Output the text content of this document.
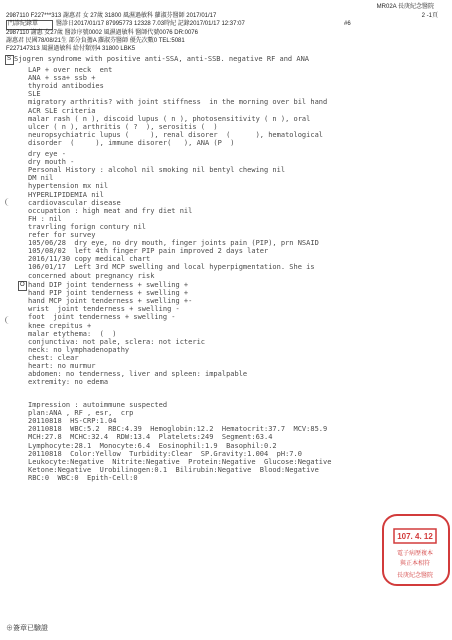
MR02A 長庚紀念醫院
2 -1頁
2987110 F227***313 謝惠君 女 27歲 31800 風濕過敏科 蘿淑芬醫師 2017/01/17
門診紀錄單	醫診日2017/01/17 87995773 12328 7.03時紀 記錄2017/01/17 12:37:07	#6
2987110 謝惠 女27歲 醫診序號0002 風濕過敏科 醫師代號0076 DR:0076
謝惠君 民國78/08/21生 部分負擔A 蘿淑芬醫師 優先次數0 TEL:5081
F227147313 風濕過敏科 給付類別4 31800 LBK5
S Sjogren syndrome with positive anti-SSA, anti-SSB. negative RF and ANA
LAP + over neck  ent
ANA + ssa+ ssb +
thyroid antibodies
SLE
migratory arthritis? with joint stiffness  in the morning over bil hand
ACR SLE criteria
malar rash ( n ), discoid lupus ( n ), photosensitivity ( n ), oral
ulcer ( n ), arthritis ( ?  ), serositis (  )
neuropsychiatric lupus (     ), renal disorer  (      ), hematological
disorder  (     ), immune disorer(   ), ANA (P  )
dry eye -
dry mouth -
Personal History : alcohol nil smoking nil bentyl chewing nil
DM nil
hypertension mx nil
HYPERLIPIDEMIA nil
cardiovascular disease
occupation : high meat and fry diet nil
FH : nil
travrling forign contury nil
refer for survey
105/06/28  dry eye, no dry mouth, finger joints pain (PIP), prn NSAID
105/08/02  left 4th finger PIP pain improved 2 days later
2016/11/30 copy medical chart
106/01/17  Left 3rd MCP swelling and local hyperpigmentation. She is
concerned about pregnancy risk
O hand DIP joint tenderness + swelling +
hand PIP joint tenderness + swelling +
hand MCP joint tenderness + swelling +-
wrist  joint tenderness + swelling -
foot  joint tenderness + swelling -
knee crepitus +
malar etythema:  (  )
conjunctiva: not pale, sclera: not icteric
neck: no lymphadenopathy
chest: clear
heart: no murmur
abdomen: no tenderness, liver and spleen: impalpable
extremity: no edema
Impression : autoimmune suspected
plan:ANA , RF , esr,  crp
20110818  HS-CRP:1.04
20110818  WBC:5.2  RBC:4.39  Hemoglobin:12.2  Hematocrit:37.7  MCV:85.9
MCH:27.8  MCHC:32.4  RDW:13.4  Platelets:249  Segment:63.4
Lymphocyte:28.1  Monocyte:6.4  Eosinophil:1.9  Basophil:0.2
20110818  Color:Yellow  Turbidity:Clear  SP.Gravity:1.004  pH:7.0
Leukocyte:Negative  Nitrite:Negative  Protein:Negative  Glucose:Negative
Ketone:Negative  Urobilinogen:0.1  Bilirubin:Negative  Blood:Negative
RBC:0  WBC:0  Epith-Cell:0
107. 4. 12
電子病歷複本
與正本相符
長庚紀念醫院
⊕簽章已驗證
